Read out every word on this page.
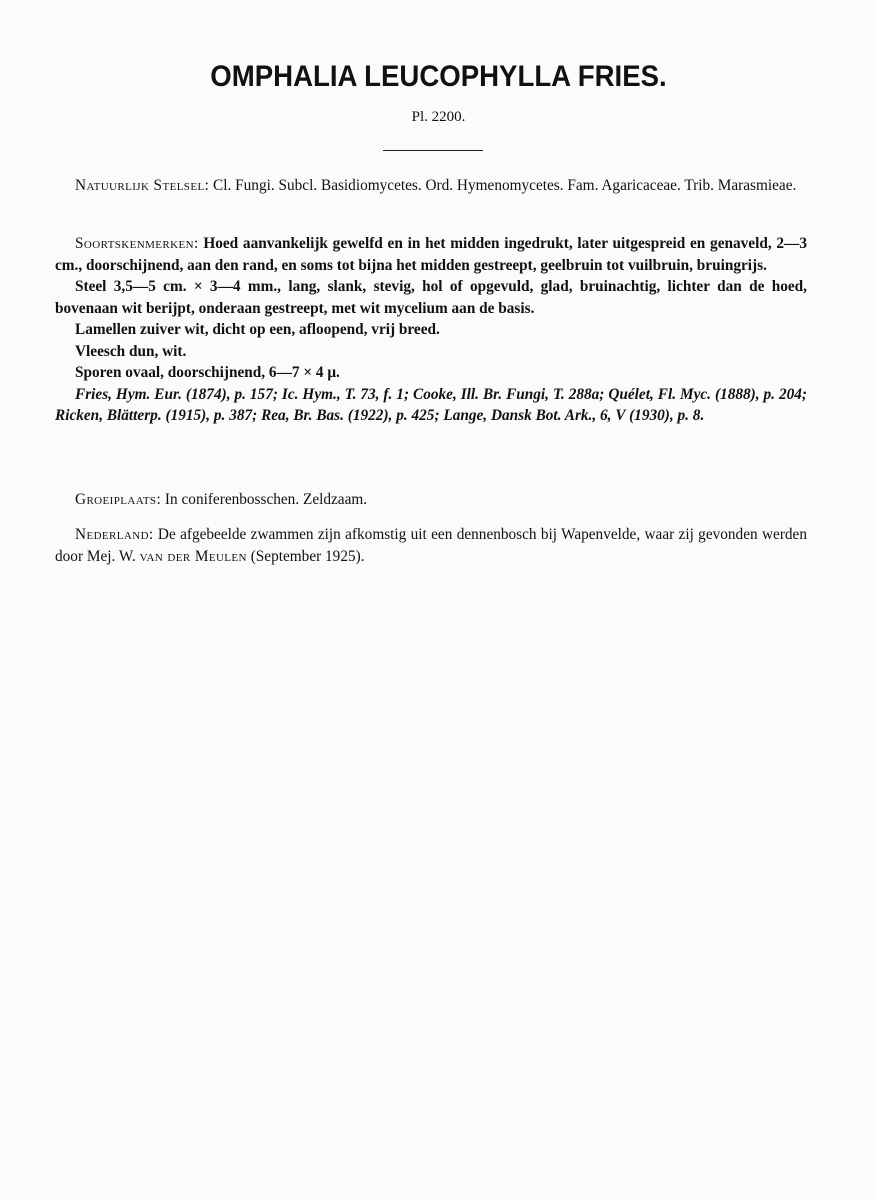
OMPHALIA LEUCOPHYLLA FRIES.
Pl. 2200.

Natuurlijk Stelsel: Cl. Fungi. Subcl. Basidiomycetes. Ord. Hymenomycetes. Fam. Agaricaceae. Trib. Marasmieae.

Soortskenmerken: Hoed aanvankelijk gewelfd en in het midden ingedrukt, later uitgespreid en genaveld, 2—3 cm., doorschijnend, aan den rand, en soms tot bijna het midden gestreept, geelbruin tot vuilbruin, bruingrijs.

Steel 3,5—5 cm. × 3—4 mm., lang, slank, stevig, hol of opgevuld, glad, bruinachtig, lichter dan de hoed, bovenaan wit berijpt, onderaan gestreept, met wit mycelium aan de basis.

Lamellen zuiver wit, dicht op een, afloopend, vrij breed.

Vleesch dun, wit.

Sporen ovaal, doorschijnend, 6—7 × 4 μ.

Fries, Hym. Eur. (1874), p. 157; Ic. Hym., T. 73, f. 1; Cooke, Ill. Br. Fungi, T. 288a; Quélet, Fl. Myc. (1888), p. 204; Ricken, Blätterp. (1915), p. 387; Rea, Br. Bas. (1922), p. 425; Lange, Dansk Bot. Ark., 6, V (1930), p. 8.

Groeiplaats: In coniferenbosschen. Zeldzaam.

Nederland: De afgebeelde zwammen zijn afkomstig uit een dennenbosch bij Wapenvelde, waar zij gevonden werden door Mej. W. van der Meulen (September 1925).
